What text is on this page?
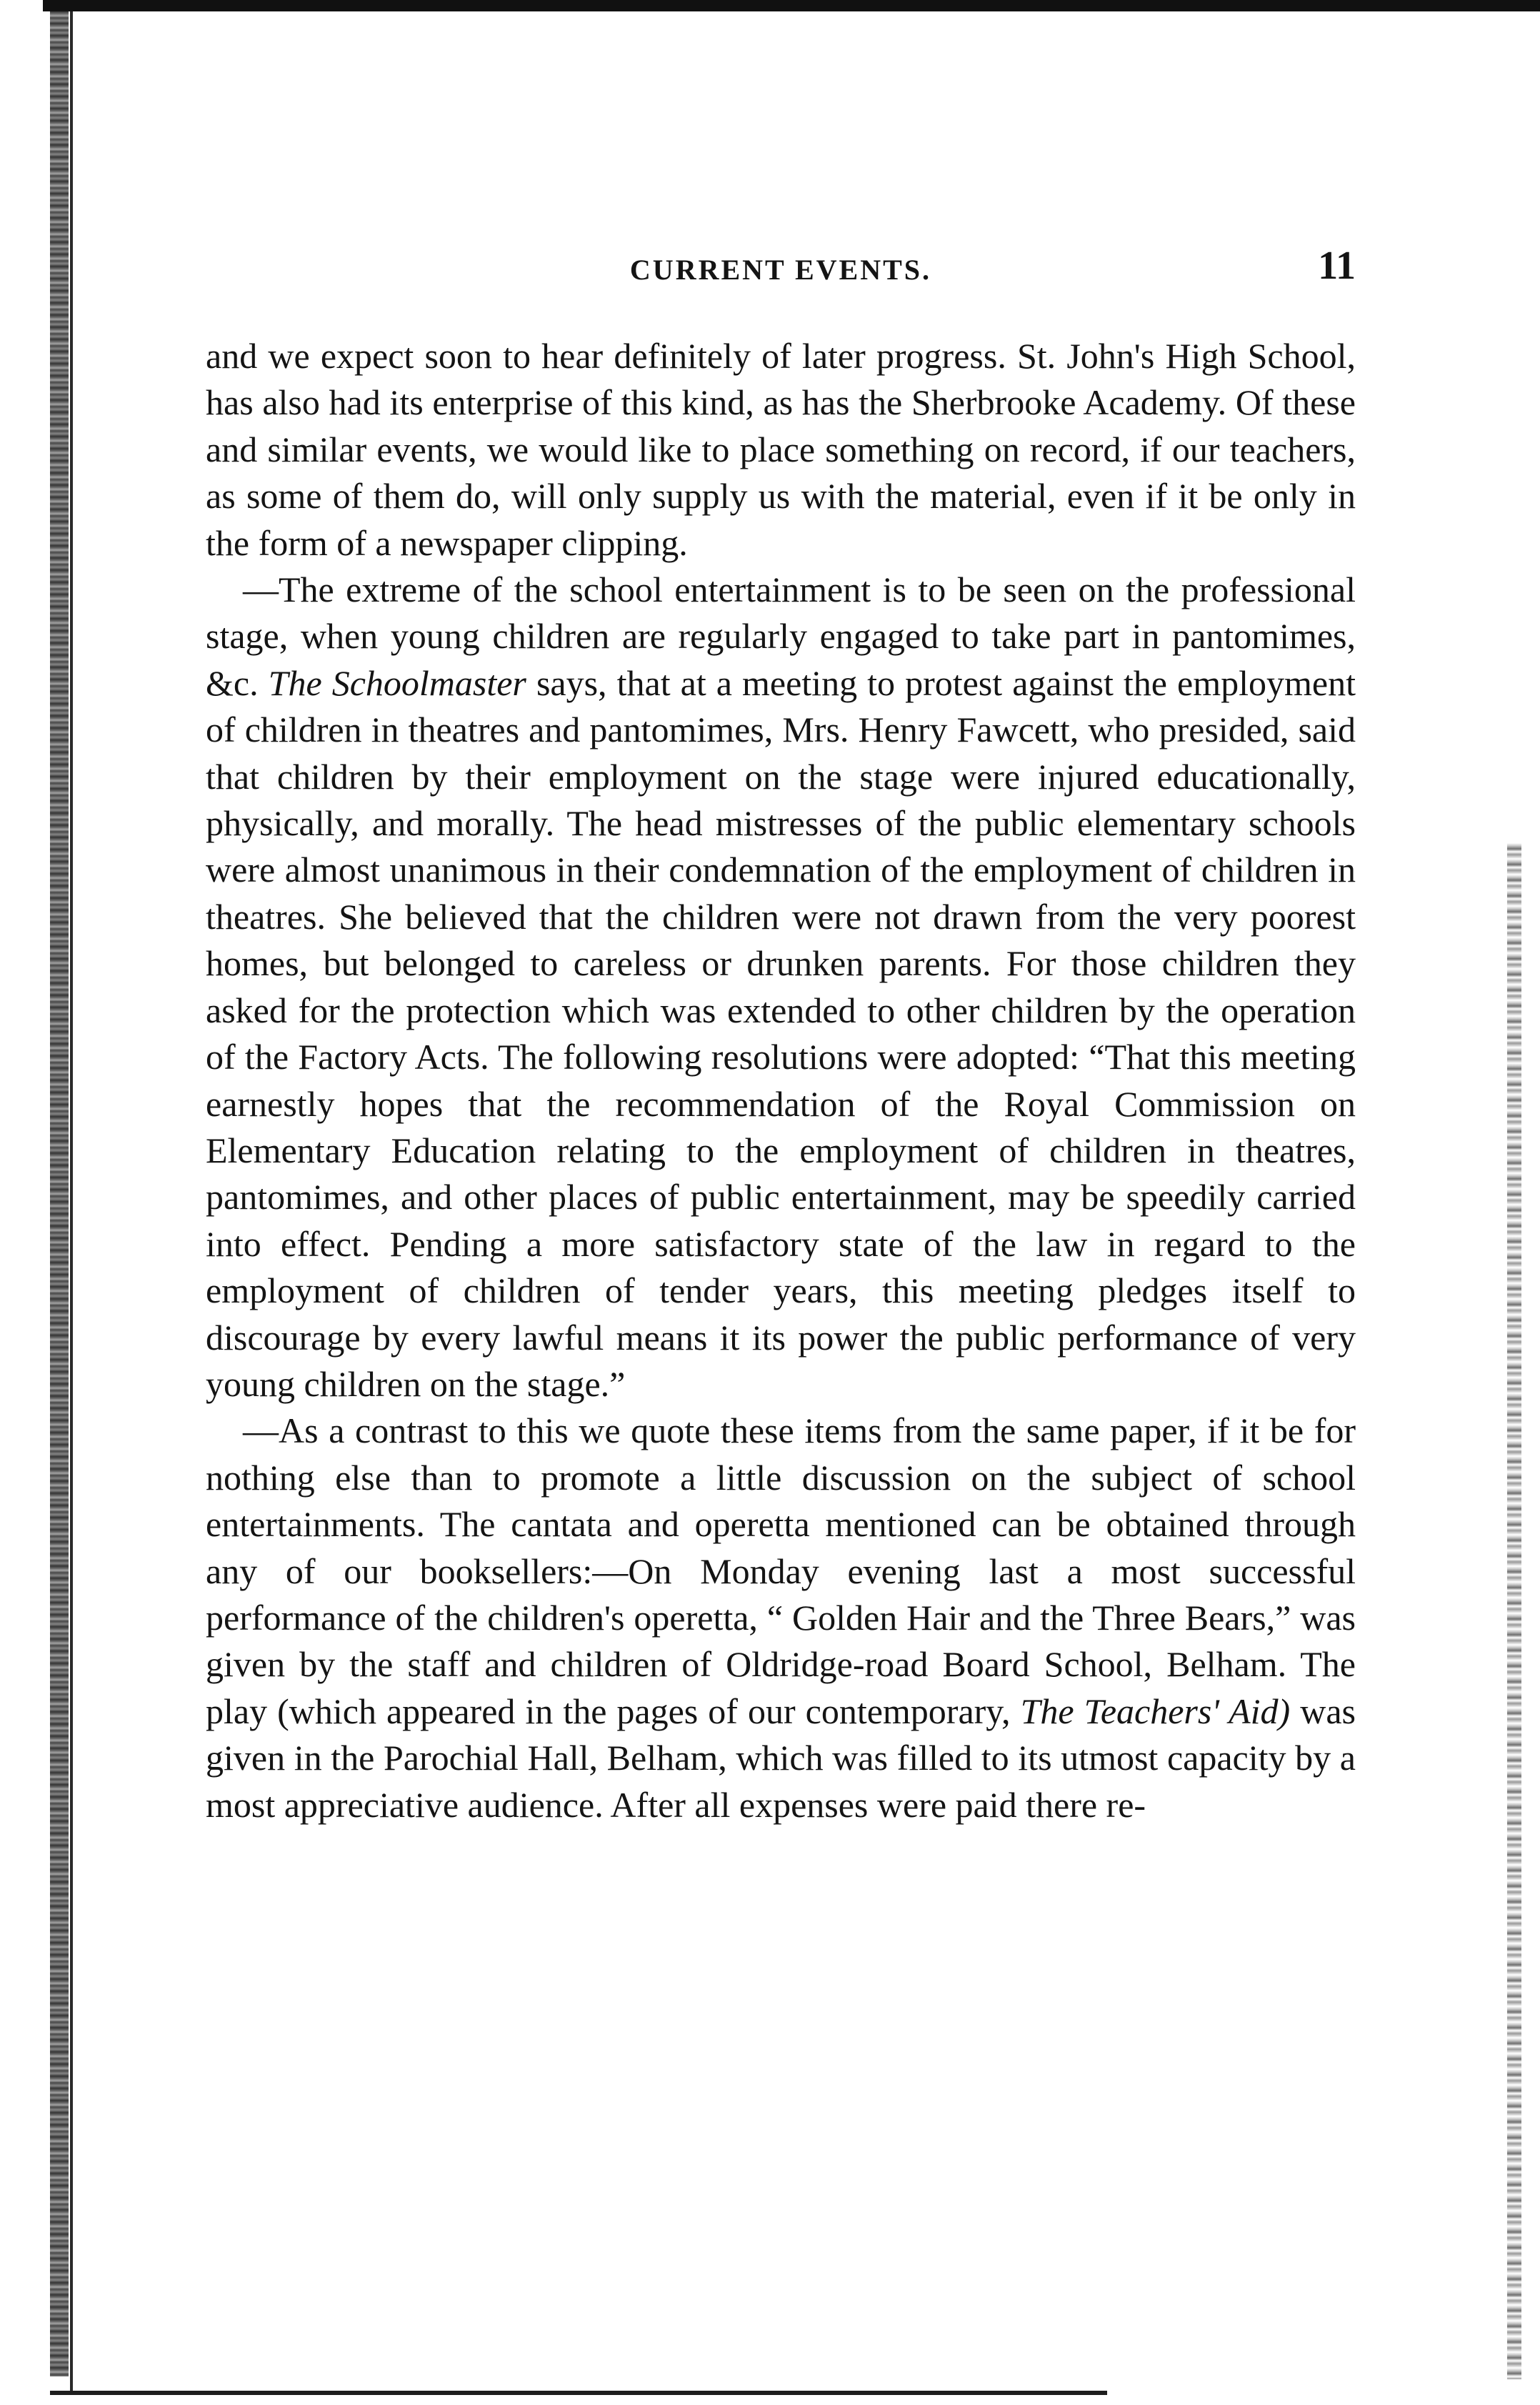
CURRENT EVENTS.	11

and we expect soon to hear definitely of later progress. St. John's High School, has also had its enterprise of this kind, as has the Sherbrooke Academy. Of these and similar events, we would like to place something on record, if our teachers, as some of them do, will only supply us with the material, even if it be only in the form of a newspaper clipping.

—The extreme of the school entertainment is to be seen on the professional stage, when young children are regularly engaged to take part in pantomimes, &c. The Schoolmaster says, that at a meeting to protest against the employment of children in theatres and pantomimes, Mrs. Henry Fawcett, who presided, said that children by their employment on the stage were injured educationally, physically, and morally. The head mistresses of the public elementary schools were almost unanimous in their condemnation of the employment of children in theatres. She believed that the children were not drawn from the very poorest homes, but belonged to careless or drunken parents. For those children they asked for the protection which was extended to other children by the operation of the Factory Acts. The following resolutions were adopted: “That this meeting earnestly hopes that the recommendation of the Royal Commission on Elementary Education relating to the employment of children in theatres, pantomimes, and other places of public entertainment, may be speedily carried into effect. Pending a more satisfactory state of the law in regard to the employment of children of tender years, this meeting pledges itself to discourage by every lawful means it its power the public performance of very young children on the stage.”

—As a contrast to this we quote these items from the same paper, if it be for nothing else than to promote a little discussion on the subject of school entertainments. The cantata and operetta mentioned can be obtained through any of our booksellers:—On Monday evening last a most successful performance of the children's operetta, “ Golden Hair and the Three Bears,” was given by the staff and children of Oldridge-road Board School, Belham. The play (which appeared in the pages of our contemporary, The Teachers' Aid) was given in the Parochial Hall, Belham, which was filled to its utmost capacity by a most appreciative audience. After all expenses were paid there re-
